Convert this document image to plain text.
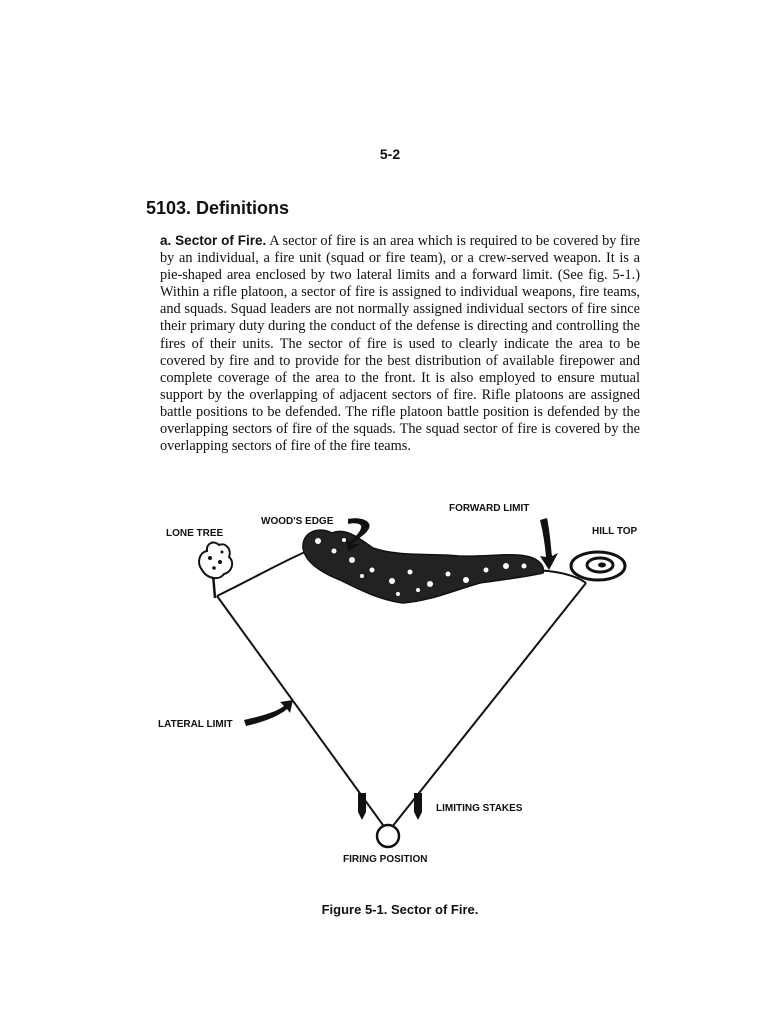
5-2
5103. Definitions
a. Sector of Fire. A sector of fire is an area which is required to be covered by fire by an individual, a fire unit (squad or fire team), or a crew-served weapon. It is a pie-shaped area enclosed by two lateral limits and a forward limit. (See fig. 5-1.) Within a rifle platoon, a sector of fire is assigned to individual weapons, fire teams, and squads. Squad leaders are not normally assigned individual sectors of fire since their primary duty during the conduct of the defense is directing and controlling the fires of their units. The sector of fire is used to clearly indicate the area to be covered by fire and to provide for the best distribution of available firepower and complete coverage of the area to the front. It is also employed to ensure mutual support by the overlapping of adjacent sectors of fire. Rifle platoons are assigned battle positions to be defended. The rifle platoon battle position is defended by the overlapping sectors of fire of the squads. The squad sector of fire is covered by the overlapping sectors of fire of the fire teams.
WOOD'S EDGE
FORWARD LIMIT
LONE TREE	HILL TOP
LATERAL LIMIT
LIMITING STAKES
FIRING POSITION
Figure 5-1. Sector of Fire.
